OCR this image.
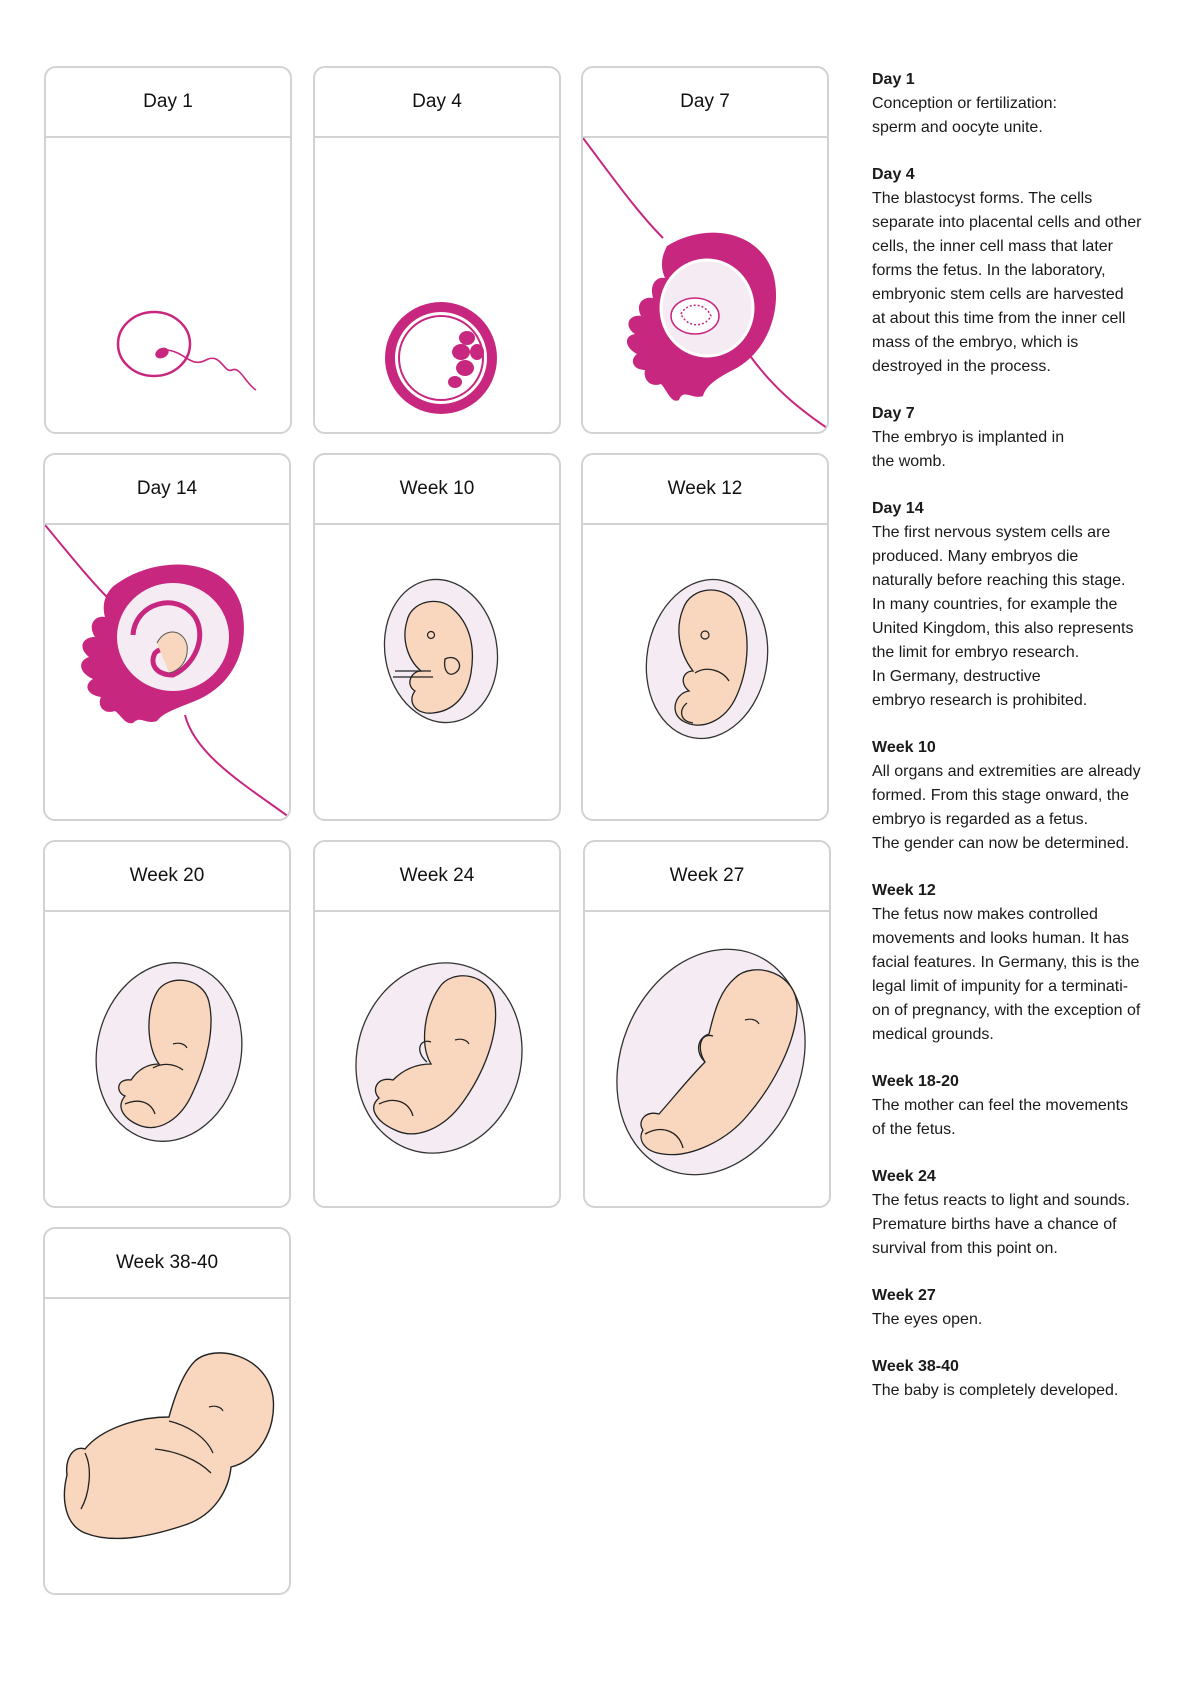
Day 1	Day 4	Day 7
Day 14	Week 10	Week 12
Week 20	Week 24	Week 27
Week 38-40
Day 1
Conception or fertilization:
sperm and oocyte unite.
Day 4
The blastocyst forms. The cells
separate into placental cells and other
cells, the inner cell mass that later
forms the fetus. In the laboratory,
embryonic stem cells are harvested
at about this time from the inner cell
mass of the embryo, which is
destroyed in the process.
Day 7
The embryo is implanted in
the womb.
Day 14
The first nervous system cells are
produced. Many embryos die
naturally before reaching this stage.
In many countries, for example the
United Kingdom, this also represents
the limit for embryo research.
In Germany, destructive
embryo research is prohibited.
Week 10
All organs and extremities are already
formed. From this stage onward, the
embryo is regarded as a fetus.
The gender can now be determined.
Week 12
The fetus now makes controlled
movements and looks human. It has
facial features. In Germany, this is the
legal limit of impunity for a terminati-
on of pregnancy, with the exception of
medical grounds.
Week 18-20
The mother can feel the movements
of the fetus.
Week 24
The fetus reacts to light and sounds.
Premature births have a chance of
survival from this point on.
Week 27
The eyes open.
Week 38-40
The baby is completely developed.
